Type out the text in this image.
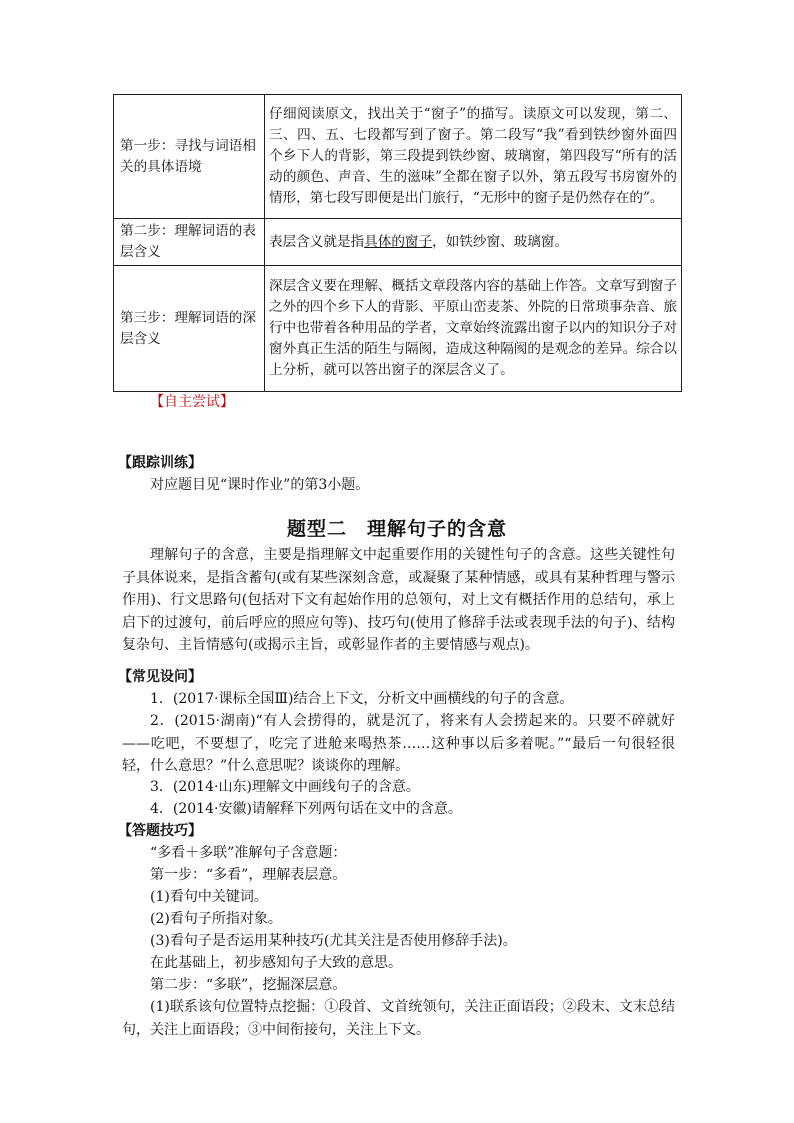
第一步：寻找与词语相关的具体语境	仔细阅读原文，找出关于“窗子”的描写。读原文可以发现，第二、三、四、五、七段都写到了窗子。第二段写“我”看到铁纱窗外面四个乡下人的背影，第三段提到铁纱窗、玻璃窗，第四段写“所有的活动的颜色、声音、生的滋味”全都在窗子以外，第五段写书房窗外的情形，第七段写即便是出门旅行，“无形中的窗子是仍然存在的”。
第二步：理解词语的表层含义	表层含义就是指具体的窗子，如铁纱窗、玻璃窗。
第三步：理解词语的深层含义	深层含义要在理解、概括文章段落内容的基础上作答。文章写到窗子之外的四个乡下人的背影、平原山峦麦茶、外院的日常琐事杂音、旅行中也带着各种用品的学者，文章始终流露出窗子以内的知识分子对窗外真正生活的陌生与隔阂，造成这种隔阂的是观念的差异。综合以上分析，就可以答出窗子的深层含义了。
【自主尝试】
【跟踪训练】
对应题目见“课时作业”的第3小题。
题型二　理解句子的含意
理解句子的含意，主要是指理解文中起重要作用的关键性句子的含意。这些关键性句子具体说来，是指含蓄句(或有某些深刻含意，或凝聚了某种情感，或具有某种哲理与警示作用)、行文思路句(包括对下文有起始作用的总领句，对上文有概括作用的总结句，承上启下的过渡句，前后呼应的照应句等)、技巧句(使用了修辞手法或表现手法的句子)、结构复杂句、主旨情感句(或揭示主旨，或彰显作者的主要情感与观点)。
【常见设问】
1．(2017·课标全国Ⅲ)结合上下文，分析文中画横线的句子的含意。
2．(2015·湖南)“有人会捞得的，就是沉了，将来有人会捞起来的。只要不碎就好——吃吧，不要想了，吃完了进舱来喝热茶……这种事以后多着呢。”“最后一句很轻很轻，什么意思？”什么意思呢？谈谈你的理解。
3．(2014·山东)理解文中画线句子的含意。
4．(2014·安徽)请解释下列两句话在文中的含意。
【答题技巧】
“多看＋多联”准解句子含意题：
第一步：“多看”，理解表层意。
(1)看句中关键词。
(2)看句子所指对象。
(3)看句子是否运用某种技巧(尤其关注是否使用修辞手法)。
在此基础上，初步感知句子大致的意思。
第二步：“多联”，挖掘深层意。
(1)联系该句位置特点挖掘：①段首、文首统领句，关注正面语段；②段末、文末总结句，关注上面语段；③中间衔接句，关注上下文。
